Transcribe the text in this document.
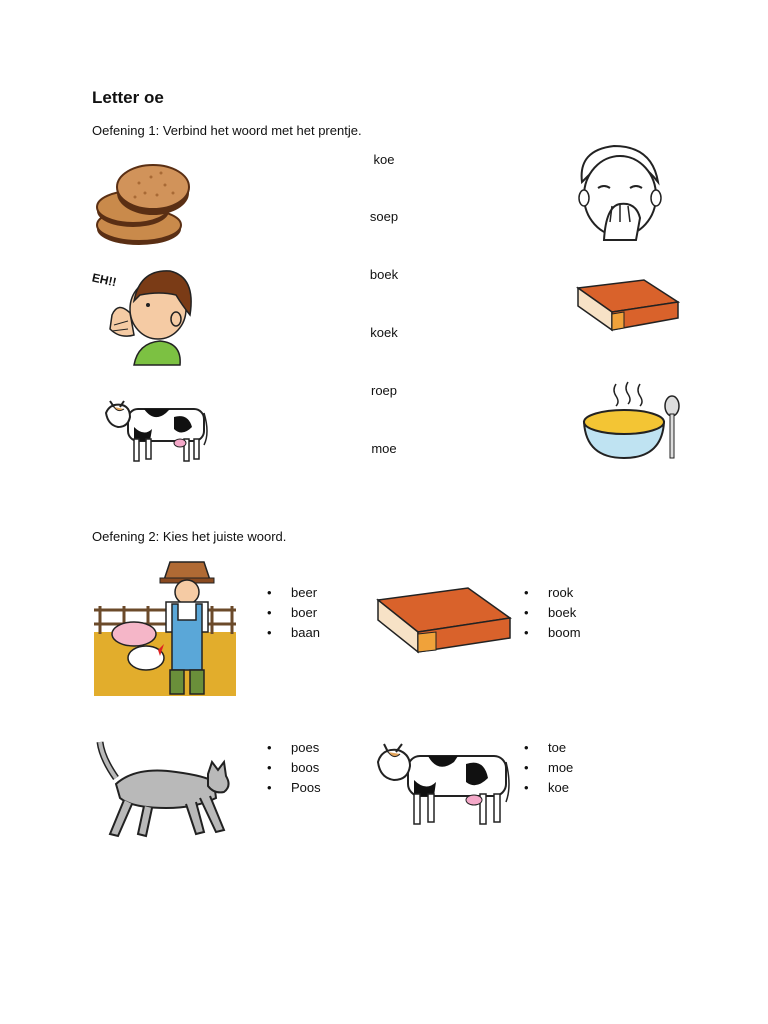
Letter oe
Oefening 1: Verbind het woord met het prentje.
EH!!
koe
soep
boek
koek
roep
moe
Oefening 2: Kies het juiste woord.
• beer
• boer
• baan
• rook
• boek
• boom
• poes
• boos
• Poos
• toe
• moe
• koe
